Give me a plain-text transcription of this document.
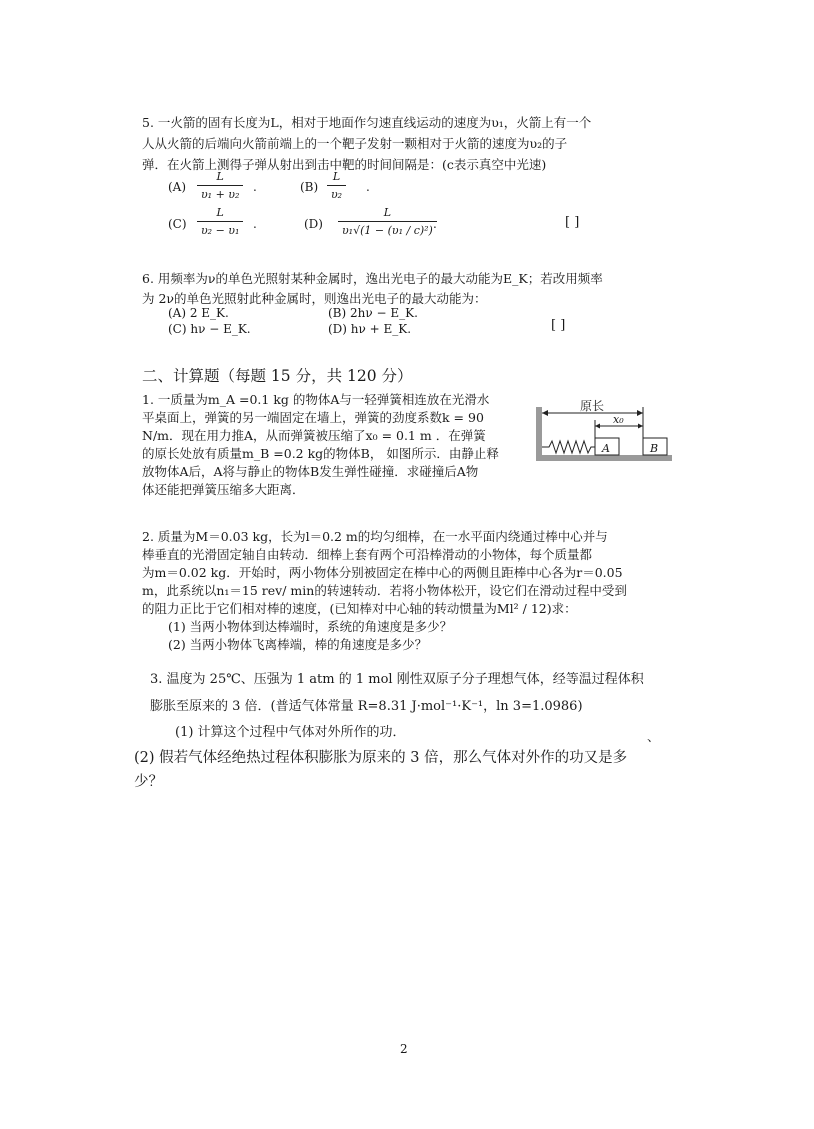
5. 一火箭的固有长度为L，相对于地面作匀速直线运动的速度为υ₁，火箭上有一个
人从火箭的后端向火箭前端上的一个靶子发射一颗相对于火箭的速度为υ₂的子
弹．在火箭上测得子弹从射出到击中靶的时间间隔是：(c表示真空中光速)
(A)
L
υ₁ + υ₂
.	(B)
L
υ₂
.
(C)
L
υ₂ − υ₁	.	(D)
L
υ₁√(1 − (υ₁ / c)²) .	[ ]
6. 用频率为ν的单色光照射某种金属时，逸出光电子的最大动能为E_K；若改用频率
为 2ν的单色光照射此种金属时，则逸出光电子的最大动能为：
(A) 2 E_K.	(B) 2hν − E_K.
(C) hν − E_K.	(D) hν + E_K.	[ ]
二、计算题（每题 15 分，共 120 分）
1. 一质量为m_A =0.1 kg 的物体A与一轻弹簧相连放在光滑水
平桌面上，弹簧的另一端固定在墙上，弹簧的劲度系数k = 90
N/m．现在用力推A，从而弹簧被压缩了x₀ = 0.1 m ．在弹簧
的原长处放有质量m_B =0.2 kg的物体B， 如图所示．由静止释
放物体A后，A将与静止的物体B发生弹性碰撞．求碰撞后A物
体还能把弹簧压缩多大距离．
原长
x₀
A	B
2. 质量为M＝0.03 kg，长为l＝0.2 m的均匀细棒，在一水平面内绕通过棒中心并与
棒垂直的光滑固定轴自由转动．细棒上套有两个可沿棒滑动的小物体，每个质量都
为m＝0.02 kg．开始时，两小物体分别被固定在棒中心的两侧且距棒中心各为r＝0.05
m，此系统以n₁＝15 rev/ min的转速转动．若将小物体松开，设它们在滑动过程中受到
的阻力正比于它们相对棒的速度，(已知棒对中心轴的转动惯量为Ml² / 12)求：
(1) 当两小物体到达棒端时，系统的角速度是多少？
(2) 当两小物体飞离棒端，棒的角速度是多少？
3. 温度为 25℃、压强为 1 atm 的 1 mol 刚性双原子分子理想气体，经等温过程体积
膨胀至原来的 3 倍．(普适气体常量 R=8.31 J·mol⁻¹·K⁻¹，ln 3=1.0986)
(1) 计算这个过程中气体对外所作的功．	、
(2) 假若气体经绝热过程体积膨胀为原来的 3 倍，那么气体对外作的功又是多
少？
2
